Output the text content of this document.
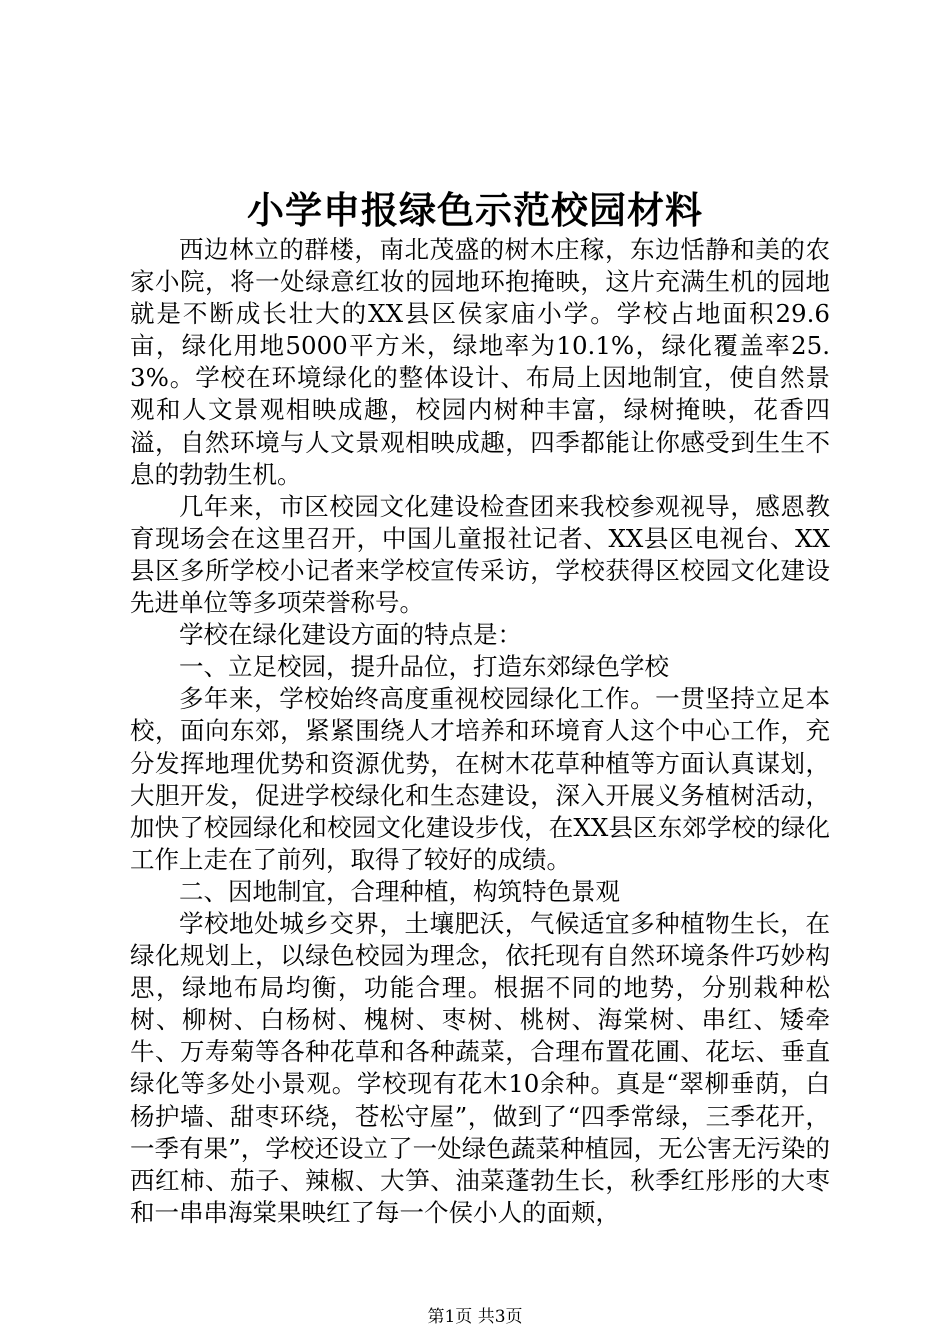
小学申报绿色示范校园材料

西边林立的群楼，南北茂盛的树木庄稼，东边恬静和美的农家小院，将一处绿意红妆的园地环抱掩映，这片充满生机的园地就是不断成长壮大的XX县区侯家庙小学。学校占地面积29.6亩，绿化用地5000平方米，绿地率为10.1%，绿化覆盖率25.3%。学校在环境绿化的整体设计、布局上因地制宜，使自然景观和人文景观相映成趣，校园内树种丰富，绿树掩映，花香四溢，自然环境与人文景观相映成趣，四季都能让你感受到生生不息的勃勃生机。

几年来，市区校园文化建设检查团来我校参观视导，感恩教育现场会在这里召开，中国儿童报社记者、XX县区电视台、XX县区多所学校小记者来学校宣传采访，学校获得区校园文化建设先进单位等多项荣誉称号。

学校在绿化建设方面的特点是：

一、立足校园，提升品位，打造东郊绿色学校

多年来，学校始终高度重视校园绿化工作。一贯坚持立足本校，面向东郊，紧紧围绕人才培养和环境育人这个中心工作，充分发挥地理优势和资源优势，在树木花草种植等方面认真谋划，大胆开发，促进学校绿化和生态建设，深入开展义务植树活动，加快了校园绿化和校园文化建设步伐，在XX县区东郊学校的绿化工作上走在了前列，取得了较好的成绩。

二、因地制宜，合理种植，构筑特色景观

学校地处城乡交界，土壤肥沃，气候适宜多种植物生长，在绿化规划上，以绿色校园为理念，依托现有自然环境条件巧妙构思，绿地布局均衡，功能合理。根据不同的地势，分别栽种松树、柳树、白杨树、槐树、枣树、桃树、海棠树、串红、矮牵牛、万寿菊等各种花草和各种蔬菜，合理布置花圃、花坛、垂直绿化等多处小景观。学校现有花木10余种。真是“翠柳垂荫，白杨护墙、甜枣环绕，苍松守屋”，做到了“四季常绿，三季花开，一季有果”，学校还设立了一处绿色蔬菜种植园，无公害无污染的西红柿、茄子、辣椒、大笋、油菜蓬勃生长，秋季红彤彤的大枣和一串串海棠果映红了每一个侯小人的面颊，

第1页 共3页
